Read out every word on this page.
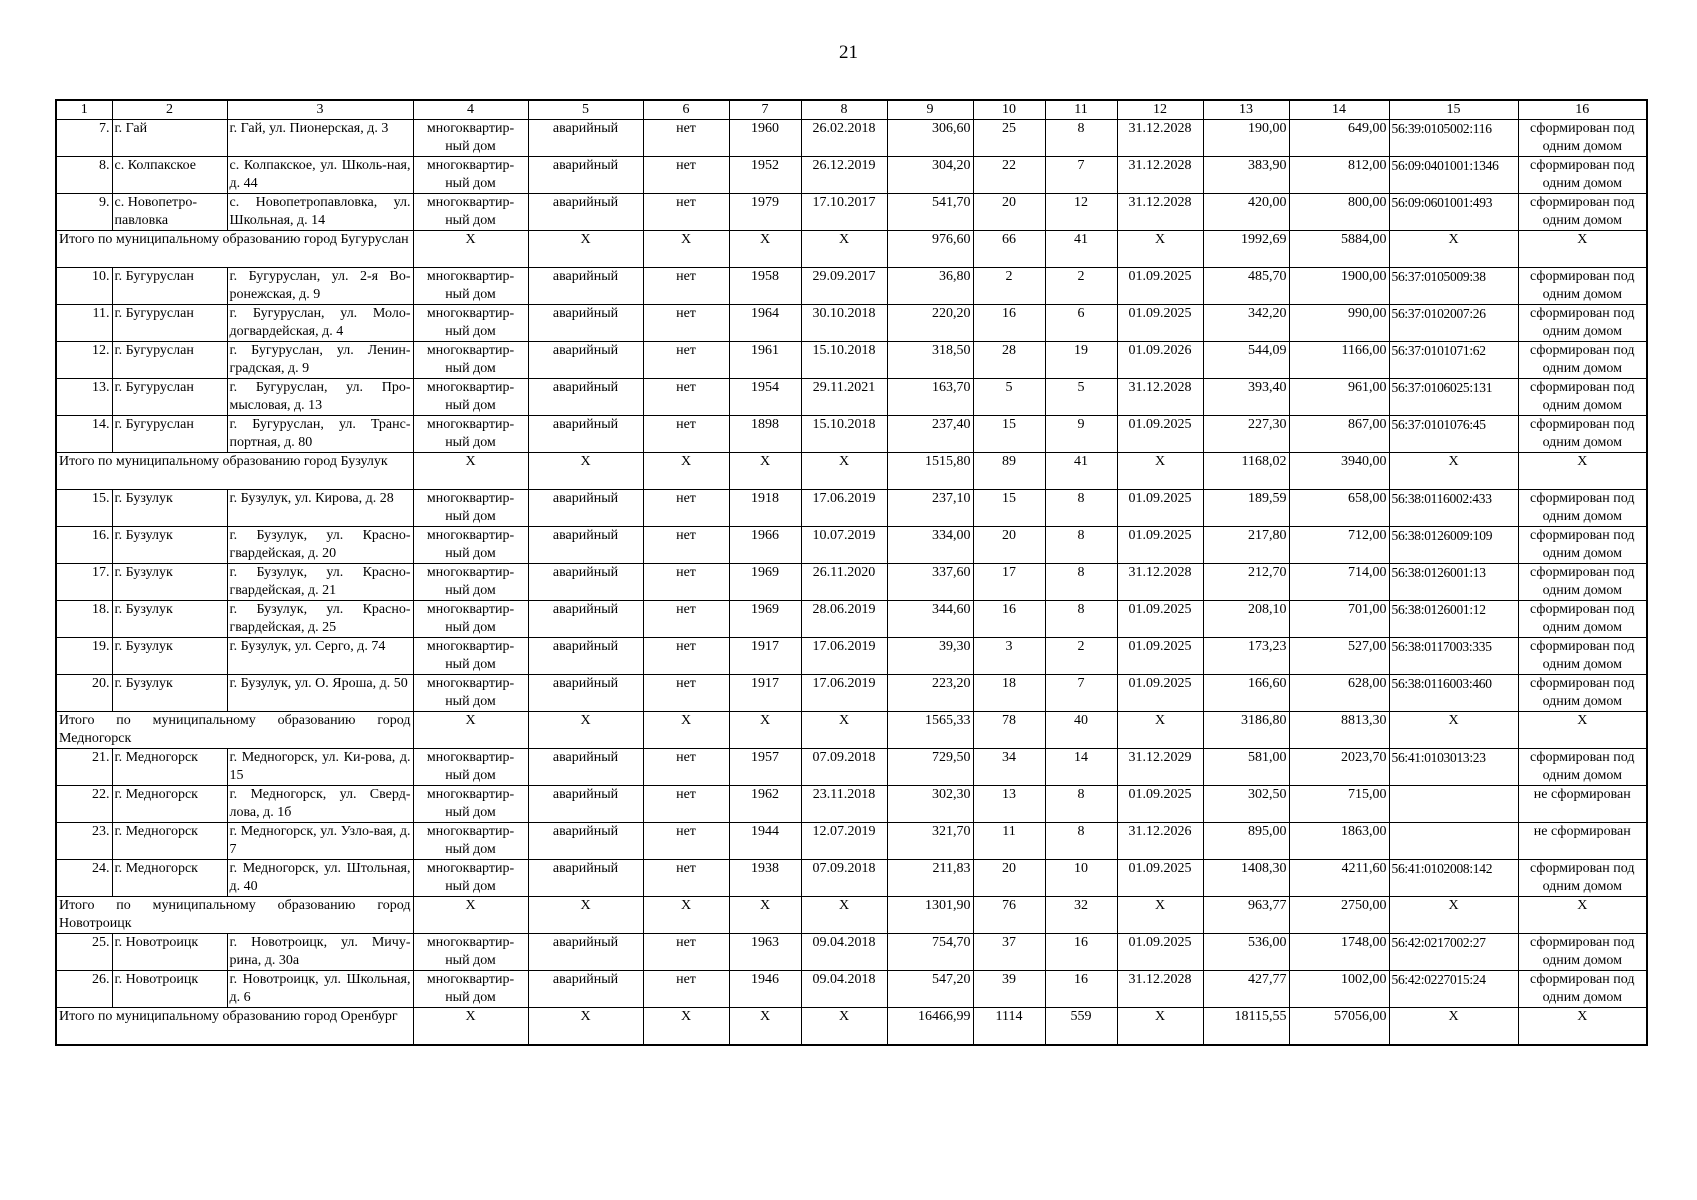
21
1	2	3	4	5	6	7	8	9	10	11	12	13	14	15	16
7.	г. Гай	г. Гай, ул. Пионерская, д. 3	многоквартир-ный дом	аварийный	нет	1960	26.02.2018	306,60	25	8	31.12.2028	190,00	649,00	56:39:0105002:116	сформирован под одним домом
8.	с. Колпакское	с. Колпакское, ул. Школь-ная, д. 44	многоквартир-ный дом	аварийный	нет	1952	26.12.2019	304,20	22	7	31.12.2028	383,90	812,00	56:09:0401001:1346	сформирован под одним домом
9.	с. Новопетро-павловка	с. Новопетропавловка, ул. Школьная, д. 14	многоквартир-ный дом	аварийный	нет	1979	17.10.2017	541,70	20	12	31.12.2028	420,00	800,00	56:09:0601001:493	сформирован под одним домом
Итого по муниципальному образованию город Бугуруслан			X	X	X	X	X	976,60	66	41	X	1992,69	5884,00	X	X
10.	г. Бугуруслан	г. Бугуруслан, ул. 2-я Во-ронежская, д. 9	многоквартир-ный дом	аварийный	нет	1958	29.09.2017	36,80	2	2	01.09.2025	485,70	1900,00	56:37:0105009:38	сформирован под одним домом
11.	г. Бугуруслан	г. Бугуруслан, ул. Моло-догвардейская, д. 4	многоквартир-ный дом	аварийный	нет	1964	30.10.2018	220,20	16	6	01.09.2025	342,20	990,00	56:37:0102007:26	сформирован под одним домом
12.	г. Бугуруслан	г. Бугуруслан, ул. Ленин-градская, д. 9	многоквартир-ный дом	аварийный	нет	1961	15.10.2018	318,50	28	19	01.09.2026	544,09	1166,00	56:37:0101071:62	сформирован под одним домом
13.	г. Бугуруслан	г. Бугуруслан, ул. Про-мысловая, д. 13	многоквартир-ный дом	аварийный	нет	1954	29.11.2021	163,70	5	5	31.12.2028	393,40	961,00	56:37:0106025:131	сформирован под одним домом
14.	г. Бугуруслан	г. Бугуруслан, ул. Транс-портная, д. 80	многоквартир-ный дом	аварийный	нет	1898	15.10.2018	237,40	15	9	01.09.2025	227,30	867,00	56:37:0101076:45	сформирован под одним домом
Итого по муниципальному образованию город Бузулук			X	X	X	X	X	1515,80	89	41	X	1168,02	3940,00	X	X
15.	г. Бузулук	г. Бузулук, ул. Кирова, д. 28	многоквартир-ный дом	аварийный	нет	1918	17.06.2019	237,10	15	8	01.09.2025	189,59	658,00	56:38:0116002:433	сформирован под одним домом
16.	г. Бузулук	г. Бузулук, ул. Красно-гвардейская, д. 20	многоквартир-ный дом	аварийный	нет	1966	10.07.2019	334,00	20	8	01.09.2025	217,80	712,00	56:38:0126009:109	сформирован под одним домом
17.	г. Бузулук	г. Бузулук, ул. Красно-гвардейская, д. 21	многоквартир-ный дом	аварийный	нет	1969	26.11.2020	337,60	17	8	31.12.2028	212,70	714,00	56:38:0126001:13	сформирован под одним домом
18.	г. Бузулук	г. Бузулук, ул. Красно-гвардейская, д. 25	многоквартир-ный дом	аварийный	нет	1969	28.06.2019	344,60	16	8	01.09.2025	208,10	701,00	56:38:0126001:12	сформирован под одним домом
19.	г. Бузулук	г. Бузулук, ул. Серго, д. 74	многоквартир-ный дом	аварийный	нет	1917	17.06.2019	39,30	3	2	01.09.2025	173,23	527,00	56:38:0117003:335	сформирован под одним домом
20.	г. Бузулук	г. Бузулук, ул. О. Ярошa, д. 50	многоквартир-ный дом	аварийный	нет	1917	17.06.2019	223,20	18	7	01.09.2025	166,60	628,00	56:38:0116003:460	сформирован под одним домом
Итого по муниципальному образованию город Медногорск			X	X	X	X	X	1565,33	78	40	X	3186,80	8813,30	X	X
21.	г. Медногорск	г. Медногорск, ул. Ки-рова, д. 15	многоквартир-ный дом	аварийный	нет	1957	07.09.2018	729,50	34	14	31.12.2029	581,00	2023,70	56:41:0103013:23	сформирован под одним домом
22.	г. Медногорск	г. Медногорск, ул. Сверд-лова, д. 1б	многоквартир-ный дом	аварийный	нет	1962	23.11.2018	302,30	13	8	01.09.2025	302,50	715,00		не сформирован
23.	г. Медногорск	г. Медногорск, ул. Узло-вая, д. 7	многоквартир-ный дом	аварийный	нет	1944	12.07.2019	321,70	11	8	31.12.2026	895,00	1863,00		не сформирован
24.	г. Медногорск	г. Медногорск, ул. Штольная, д. 40	многоквартир-ный дом	аварийный	нет	1938	07.09.2018	211,83	20	10	01.09.2025	1408,30	4211,60	56:41:0102008:142	сформирован под одним домом
Итого по муниципальному образованию город Новотроицк			X	X	X	X	X	1301,90	76	32	X	963,77	2750,00	X	X
25.	г. Новотроицк	г. Новотроицк, ул. Мичу-рина, д. 30а	многоквартир-ный дом	аварийный	нет	1963	09.04.2018	754,70	37	16	01.09.2025	536,00	1748,00	56:42:0217002:27	сформирован под одним домом
26.	г. Новотроицк	г. Новотроицк, ул. Школьная, д. 6	многоквартир-ный дом	аварийный	нет	1946	09.04.2018	547,20	39	16	31.12.2028	427,77	1002,00	56:42:0227015:24	сформирован под одним домом
Итого по муниципальному образованию город Оренбург			X	X	X	X	X	16466,99	1114	559	X	18115,55	57056,00	X	X
